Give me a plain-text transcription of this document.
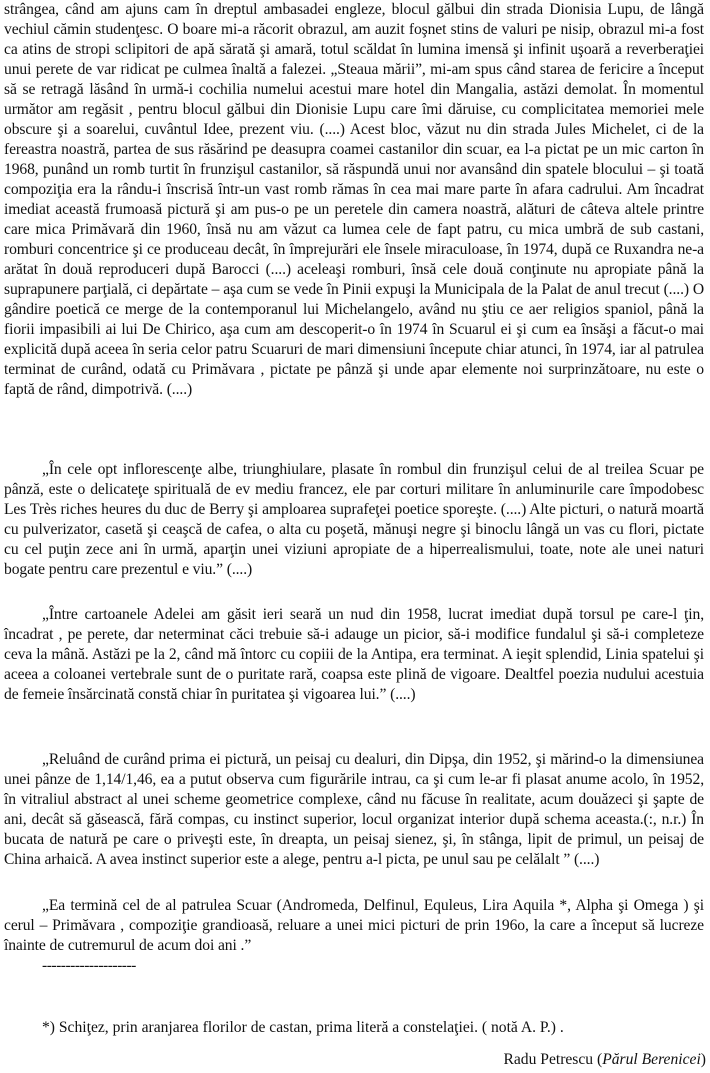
strângea, când am ajuns cam în dreptul ambasadei engleze, blocul gălbui din strada Dionisia Lupu, de lângă vechiul cămin studenţesc. O boare mi-a răcorit obrazul, am auzit foşnet stins de valuri pe nisip, obrazul mi-a fost ca atins de stropi sclipitori de apă sărată şi amară, totul scăldat în lumina imensă şi infinit uşoară a reverberaţiei unui perete de var ridicat pe culmea înaltă a falezei. „Steaua mării”, mi-am spus când starea de fericire a început să se retragă lăsând în urmă-i cochilia numelui acestui mare hotel din Mangalia, astăzi demolat. În momentul următor am regăsit , pentru blocul gălbui din Dionisie Lupu care îmi dăruise, cu complicitatea memoriei mele obscure şi a soarelui, cuvântul Idee, prezent viu. (....) Acest bloc, văzut nu din strada Jules Michelet, ci de la fereastra noastră, partea de sus răsărind pe deasupra coamei castanilor din scuar, ea l-a pictat pe un mic carton în 1968, punând un romb turtit în frunzişul castanilor, să răspundă unui nor avansând din spatele blocului – şi toată compoziţia era la rându-i înscrisă într-un vast romb rămas în cea mai mare parte în afara cadrului. Am încadrat imediat această frumoasă pictură şi am pus-o pe un peretele din camera noastră, alături de câteva altele printre care mica Primăvară din 1960, însă nu am văzut ca lumea cele de fapt patru, cu mica umbră de sub castani, romburi concentrice şi ce produceau decât, în împrejurări ele însele miraculoase, în 1974, după ce Ruxandra ne-a arătat în două reproduceri după Barocci (....) aceleaşi romburi, însă cele două conţinute nu apropiate până la suprapunere parţială, ci depărtate – aşa cum se vede în Pinii expuşi la Municipala de la Palat de anul trecut (....) O gândire poetică ce merge de la contemporanul lui Michelangelo, având nu ştiu ce aer religios spaniol, până la fiorii impasibili ai lui De Chirico, aşa cum am descoperit-o în 1974 în Scuarul ei şi cum ea însăşi a făcut-o mai explicită după aceea în seria celor patru Scuaruri de mari dimensiuni începute chiar atunci, în 1974, iar al patrulea terminat de curând, odată cu Primăvara , pictate pe pânză şi unde apar elemente noi surprinzătoare, nu este o faptă de rând, dimpotrivă. (....)

„În cele opt inflorescenţe albe, triunghiulare, plasate în rombul din frunzişul celui de al treilea Scuar pe pânză, este o delicateţe spirituală de ev mediu francez, ele par corturi militare în anluminurile care împodobesc Les Très riches heures du duc de Berry şi amploarea suprafeţei poetice sporeşte. (....) Alte picturi, o natură moartă cu pulverizator, casetă şi ceaşcă de cafea, o alta cu poşetă, mănuşi negre şi binoclu lângă un vas cu flori, pictate cu cel puţin zece ani în urmă, aparţin unei viziuni apropiate de a hiperrealismului, toate, note ale unei naturi bogate pentru care prezentul e viu.” (....)

„Între cartoanele Adelei am găsit ieri seară un nud din 1958, lucrat imediat după torsul pe care-l ţin, încadrat , pe perete, dar neterminat căci trebuie să-i adauge un picior, să-i modifice fundalul şi să-i completeze ceva la mână. Astăzi pe la 2, când mă întorc cu copiii de la Antipa, era terminat. A ieşit splendid, Linia spatelui şi aceea a coloanei vertebrale sunt de o puritate rară, coapsa este plină de vigoare. Dealtfel poezia nudului acestuia de femeie însărcinată constă chiar în puritatea şi vigoarea lui.” (....)

„Reluând de curând prima ei pictură, un peisaj cu dealuri, din Dipşa, din 1952, şi mărind-o la dimensiunea unei pânze de 1,14/1,46, ea a putut observa cum figurările intrau, ca şi cum le-ar fi plasat anume acolo, în 1952, în vitraliul abstract al unei scheme geometrice complexe, când nu făcuse în realitate, acum douăzeci şi şapte de ani, decât să găsească, fără compas, cu instinct superior, locul organizat interior după schema aceasta.(:, n.r.) În bucata de natură pe care o priveşti este, în dreapta, un peisaj sienez, şi, în stânga, lipit de primul, un peisaj de China arhaică. A avea instinct superior este a alege, pentru a-l picta, pe unul sau pe celălalt ” (....)

„Ea termină cel de al patrulea Scuar (Andromeda, Delfinul, Equleus, Lira Aquila *, Alpha şi Omega ) şi cerul – Primăvara , compoziţie grandioasă, reluare a unei mici picturi de prin 196o, la care a început să lucreze înainte de cutremurul de acum doi ani .”

--------------------

*) Schiţez, prin aranjarea florilor de castan, prima literă a constelaţiei. ( notă A. P.) .

Radu Petrescu (Părul Berenicei)
